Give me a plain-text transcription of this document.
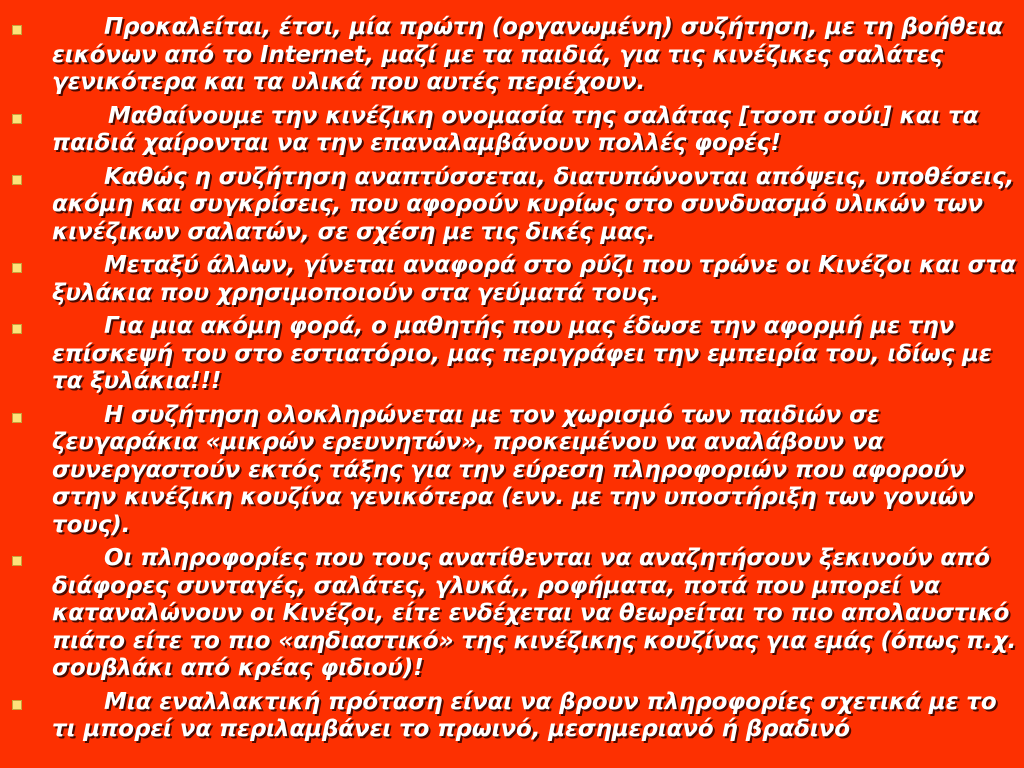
Προκαλείται, έτσι, μία πρώτη (οργανωμένη) συζήτηση, με τη βοήθεια εικόνων από το Internet, μαζί με τα παιδιά, για τις κινέζικες σαλάτες γενικότερα και τα υλικά που αυτές περιέχουν.

Μαθαίνουμε την κινέζικη ονομασία της σαλάτας [τσοπ σούι] και τα παιδιά χαίρονται να την επαναλαμβάνουν πολλές φορές!

Καθώς η συζήτηση αναπτύσσεται, διατυπώνονται απόψεις, υποθέσεις, ακόμη και συγκρίσεις, που αφορούν κυρίως στο συνδυασμό υλικών των κινέζικων σαλατών, σε σχέση με τις δικές μας.

Μεταξύ άλλων, γίνεται αναφορά στο ρύζι που τρώνε οι Κινέζοι και στα ξυλάκια που χρησιμοποιούν στα γεύματά τους.

Για μια ακόμη φορά, ο μαθητής που μας έδωσε την αφορμή με την επίσκεψή του στο εστιατόριο, μας περιγράφει την εμπειρία του, ιδίως με τα ξυλάκια!!!

Η συζήτηση ολοκληρώνεται με τον χωρισμό των παιδιών σε ζευγαράκια «μικρών ερευνητών», προκειμένου να αναλάβουν να συνεργαστούν εκτός τάξης για την εύρεση πληροφοριών που αφορούν στην κινέζικη κουζίνα γενικότερα (ενν. με την υποστήριξη των γονιών τους).

Οι πληροφορίες που τους ανατίθενται να αναζητήσουν ξεκινούν από διάφορες συνταγές, σαλάτες, γλυκά,, ροφήματα, ποτά που μπορεί να καταναλώνουν οι Κινέζοι, είτε ενδέχεται να θεωρείται το πιο απολαυστικό πιάτο είτε το πιο «αηδιαστικό» της κινέζικης κουζίνας για εμάς (όπως π.χ. σουβλάκι από κρέας φιδιού)!

Μια εναλλακτική πρόταση είναι να βρουν πληροφορίες σχετικά με το τι μπορεί να περιλαμβάνει το πρωινό, μεσημεριανό ή βραδινό
